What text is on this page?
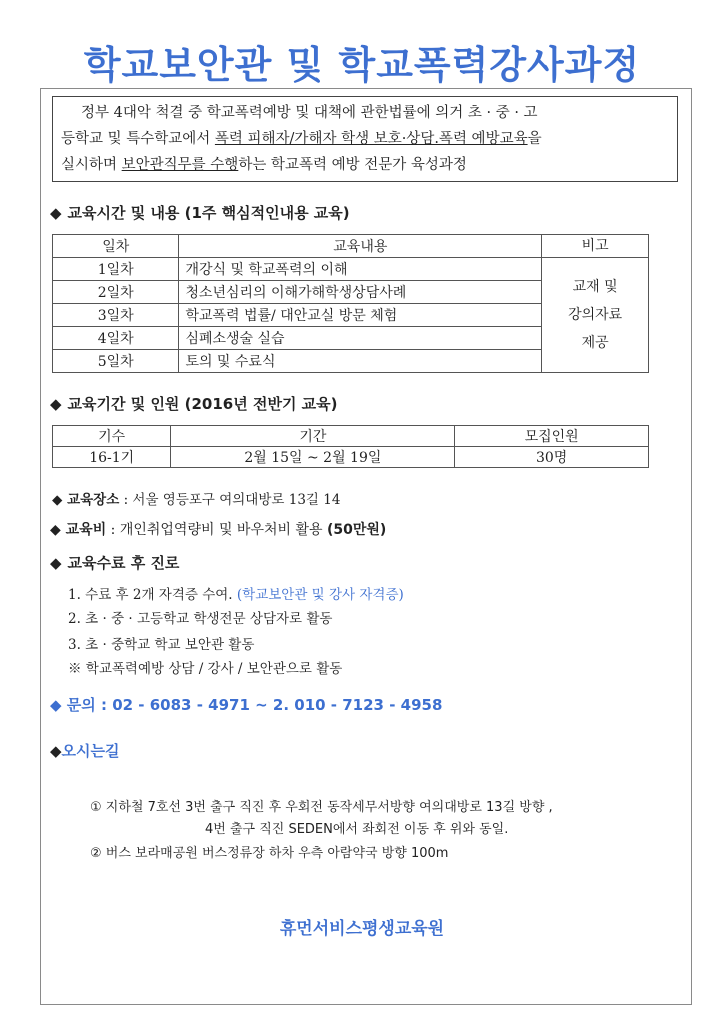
학교보안관 및 학교폭력강사과정
정부 4대악 척결 중 학교폭력예방 및 대책에 관한법률에 의거 초 · 중 · 고
등학교 및 특수학교에서 폭력 피해자/가해자 학생 보호·상담.폭력 예방교육을
실시하며 보안관직무를 수행하는 학교폭력 예방 전문가 육성과정
◆ 교육시간 및 내용 (1주 핵심적인내용 교육)
일차	교육내용	비고
1일차	개강식 및 학교폭력의 이해	교재 및
강의자료
제공

2일차	청소년심리의 이해가해학생상담사례	
3일차	학교폭력 법률/ 대안교실 방문 체험	
4일차	심폐소생술 실습	
5일차	토의 및 수료식	
◆ 교육기간 및 인원 (2016년 전반기 교육)
기수	기간	모집인원
16-1기	2월 15일 ~ 2월 19일	30명
◆ 교육장소 : 서울 영등포구 여의대방로 13길 14
◆ 교육비 : 개인취업역량비 및 바우처비 활용 (50만원)
◆ 교육수료 후 진로
1. 수료 후 2개 자격증 수여. (학교보안관 및 강사 자격증)
2. 초 · 중 · 고등학교 학생전문 상담자로 활동
3. 초 · 중학교 학교 보안관 활동
※ 학교폭력예방 상담 / 강사 / 보안관으로 활동
◆ 문의 : 02 - 6083 - 4971 ~ 2. 010 - 7123 - 4958
◆오시는길
① 지하철 7호선 3번 출구 직진 후 우회전 동작세무서방향 여의대방로 13길 방향 ,
4번 출구 직진 SEDEN에서 좌회전 이동 후 위와 동일.
② 버스 보라매공원 버스정류장 하차 우측 아람약국 방향 100m
휴먼서비스평생교육원
